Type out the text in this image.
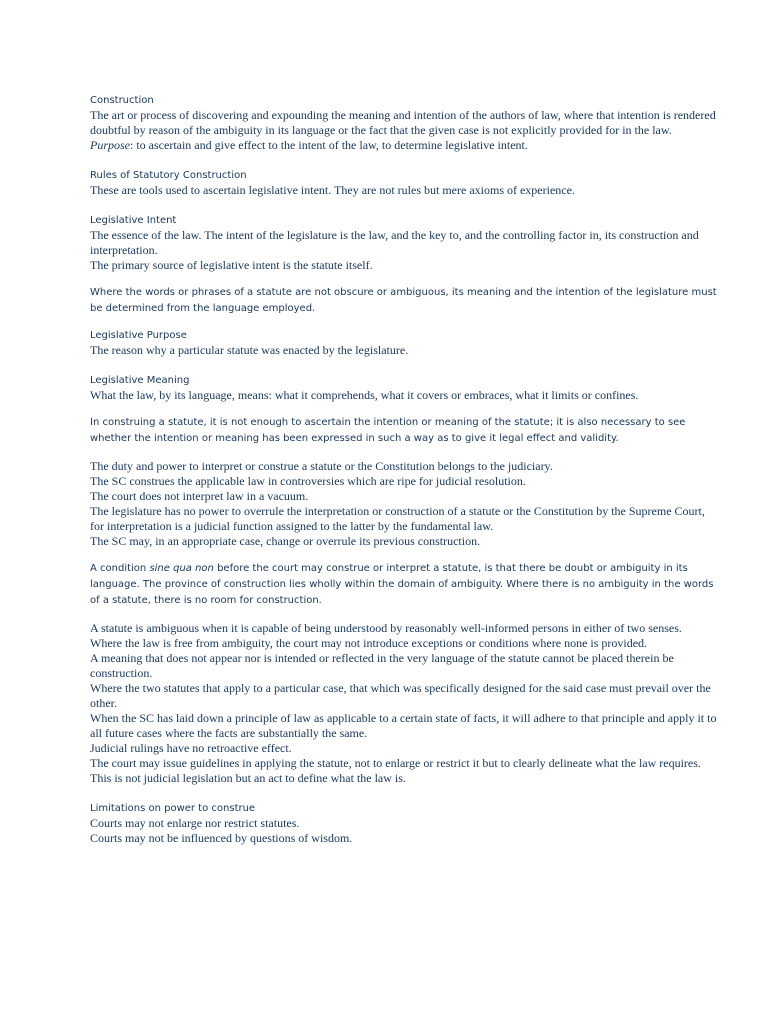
Construction

The art or process of discovering and expounding the meaning and intention of the authors of law, where that intention is rendered doubtful by reason of the ambiguity in its language or the fact that the given case is not explicitly provided for in the law.

Purpose: to ascertain and give effect to the intent of the law, to determine legislative intent.

Rules of Statutory Construction

These are tools used to ascertain legislative intent. They are not rules but mere axioms of experience.

Legislative Intent

The essence of the law. The intent of the legislature is the law, and the key to, and the controlling factor in, its construction and interpretation.

The primary source of legislative intent is the statute itself.

Where the words or phrases of a statute are not obscure or ambiguous, its meaning and the intention of the legislature must be determined from the language employed.

Legislative Purpose

The reason why a particular statute was enacted by the legislature.

Legislative Meaning

What the law, by its language, means: what it comprehends, what it covers or embraces, what it limits or confines.

In construing a statute, it is not enough to ascertain the intention or meaning of the statute; it is also necessary to see whether the intention or meaning has been expressed in such a way as to give it legal effect and validity.

The duty and power to interpret or construe a statute or the Constitution belongs to the judiciary.

The SC construes the applicable law in controversies which are ripe for judicial resolution.

The court does not interpret law in a vacuum.

The legislature has no power to overrule the interpretation or construction of a statute or the Constitution by the Supreme Court, for interpretation is a judicial function assigned to the latter by the fundamental law.

The SC may, in an appropriate case, change or overrule its previous construction.

A condition sine qua non before the court may construe or interpret a statute, is that there be doubt or ambiguity in its language. The province of construction lies wholly within the domain of ambiguity. Where there is no ambiguity in the words of a statute, there is no room for construction.

A statute is ambiguous when it is capable of being understood by reasonably well-informed persons in either of two senses.

Where the law is free from ambiguity, the court may not introduce exceptions or conditions where none is provided.

A meaning that does not appear nor is intended or reflected in the very language of the statute cannot be placed therein be construction.

Where the two statutes that apply to a particular case, that which was specifically designed for the said case must prevail over the other.

When the SC has laid down a principle of law as applicable to a certain state of facts, it will adhere to that principle and apply it to all future cases where the facts are substantially the same.

Judicial rulings have no retroactive effect.

The court may issue guidelines in applying the statute, not to enlarge or restrict it but to clearly delineate what the law requires. This is not judicial legislation but an act to define what the law is.

Limitations on power to construe

Courts may not enlarge nor restrict statutes.

Courts may not be influenced by questions of wisdom.
